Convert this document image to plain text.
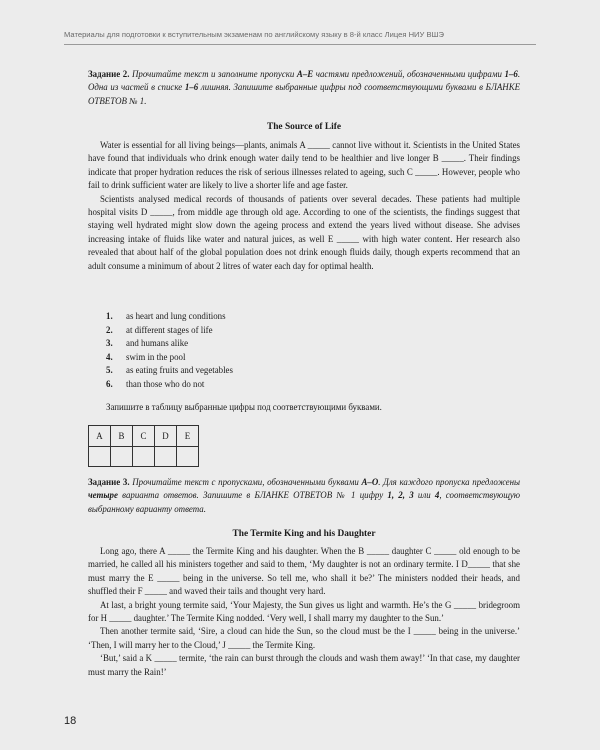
Материалы для подготовки к вступительным экзаменам по английскому языку в 8-й класс Лицея НИУ ВШЭ

Задание 2. Прочитайте текст и заполните пропуски A–E частями предложений, обозначенными цифрами 1–6. Одна из частей в списке 1–6 лишняя. Запишите выбранные цифры под соответствующими буквами в БЛАНКЕ ОТВЕТОВ № 1.

The Source of Life

Water is essential for all living beings—plants, animals A _____ cannot live without it. Scientists in the United States have found that individuals who drink enough water daily tend to be healthier and live longer B _____. Their findings indicate that proper hydration reduces the risk of serious illnesses related to ageing, such C _____. However, people who fail to drink sufficient water are likely to live a shorter life and age faster.

Scientists analysed medical records of thousands of patients over several decades. These patients had multiple hospital visits D _____, from middle age through old age. According to one of the scientists, the findings suggest that staying well hydrated might slow down the ageing process and extend the years lived without disease. She advises increasing intake of fluids like water and natural juices, as well E _____ with high water content. Her research also revealed that about half of the global population does not drink enough fluids daily, though experts recommend that an adult consume a minimum of about 2 litres of water each day for optimal health.

1. as heart and lung conditions
2. at different stages of life
3. and humans alike
4. swim in the pool
5. as eating fruits and vegetables
6. than those who do not

Запишите в таблицу выбранные цифры под соответствующими буквами.

A	B	C	D	E

Задание 3. Прочитайте текст с пропусками, обозначенными буквами A–O. Для каждого пропуска предложены четыре варианта ответов. Запишите в БЛАНКЕ ОТВЕТОВ № 1 цифру 1, 2, 3 или 4, соответствующую выбранному варианту ответа.

The Termite King and his Daughter

Long ago, there A _____ the Termite King and his daughter. When the B _____ daughter C _____ old enough to be married, he called all his ministers together and said to them, ‘My daughter is not an ordinary termite. I D_____ that she must marry the E _____ being in the universe. So tell me, who shall it be?’ The ministers nodded their heads, and shuffled their F _____ and waved their tails and thought very hard.

At last, a bright young termite said, ‘Your Majesty, the Sun gives us light and warmth. He’s the G _____ bridegroom for H _____ daughter.’ The Termite King nodded. ‘Very well, I shall marry my daughter to the Sun.’

Then another termite said, ‘Sire, a cloud can hide the Sun, so the cloud must be the I _____ being in the universe.’ ‘Then, I will marry her to the Cloud,’ J _____ the Termite King.

‘But,’ said a K _____ termite, ‘the rain can burst through the clouds and wash them away!’ ‘In that case, my daughter must marry the Rain!’

18
